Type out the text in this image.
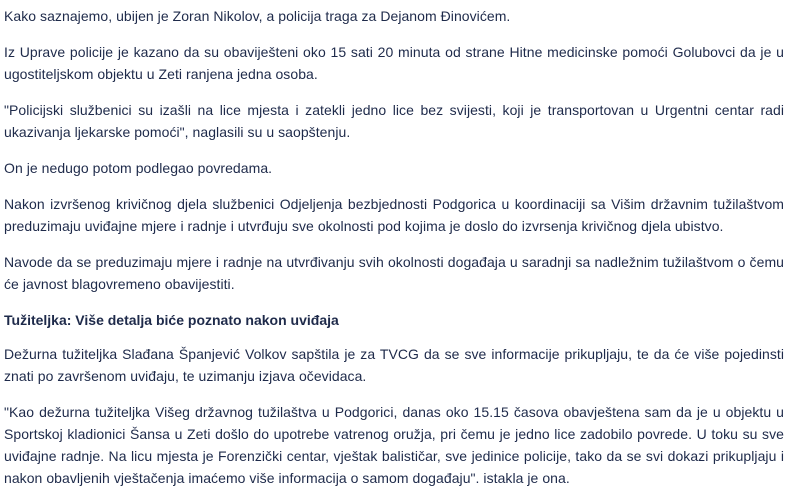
Kako saznajemo, ubijen je Zoran Nikolov, a policija traga za Dejanom Đinovićem.

Iz Uprave policije je kazano da su obaviješteni oko 15 sati 20 minuta od strane Hitne medicinske pomoći Golubovci da je u ugostiteljskom objektu u Zeti ranjena jedna osoba.

"Policijski službenici su izašli na lice mjesta i zatekli jedno lice bez svijesti, koji je transportovan u Urgentni centar radi ukazivanja ljekarske pomoći", naglasili su u saopštenju.

On je nedugo potom podlegao povredama.

Nakon izvršenog krivičnog djela službenici Odjeljenja bezbjednosti Podgorica u koordinaciji sa Višim državnim tužilaštvom preduzimaju uviđajne mjere i radnje i utvrđuju sve okolnosti pod kojima je doslo do izvrsenja krivičnog djela ubistvo.

Navode da se preduzimaju mjere i radnje na utvrđivanju svih okolnosti događaja u saradnji sa nadležnim tužilaštvom o čemu će javnost blagovremeno obavijestiti.

Tužiteljka: Više detalja biće poznato nakon uviđaja

Dežurna tužiteljka Slađana Španjević Volkov sapštila je za TVCG da se sve informacije prikupljaju, te da će više pojedinsti znati po završenom uviđaju, te uzimanju izjava očevidaca.

"Kao dežurna tužiteljka Višeg državnog tužilaštva u Podgorici, danas oko 15.15 časova obavještena sam da je u objektu u Sportskoj kladionici Šansa u Zeti došlo do upotrebe vatrenog oružja, pri čemu je jedno lice zadobilo povrede. U toku su sve uviđajne radnje. Na licu mjesta je Forenzički centar, vještak balističar, sve jedinice policije, tako da se svi dokazi prikupljaju i nakon obavljenih vještačenja imaćemo više informacija o samom događaju". istakla je ona.
